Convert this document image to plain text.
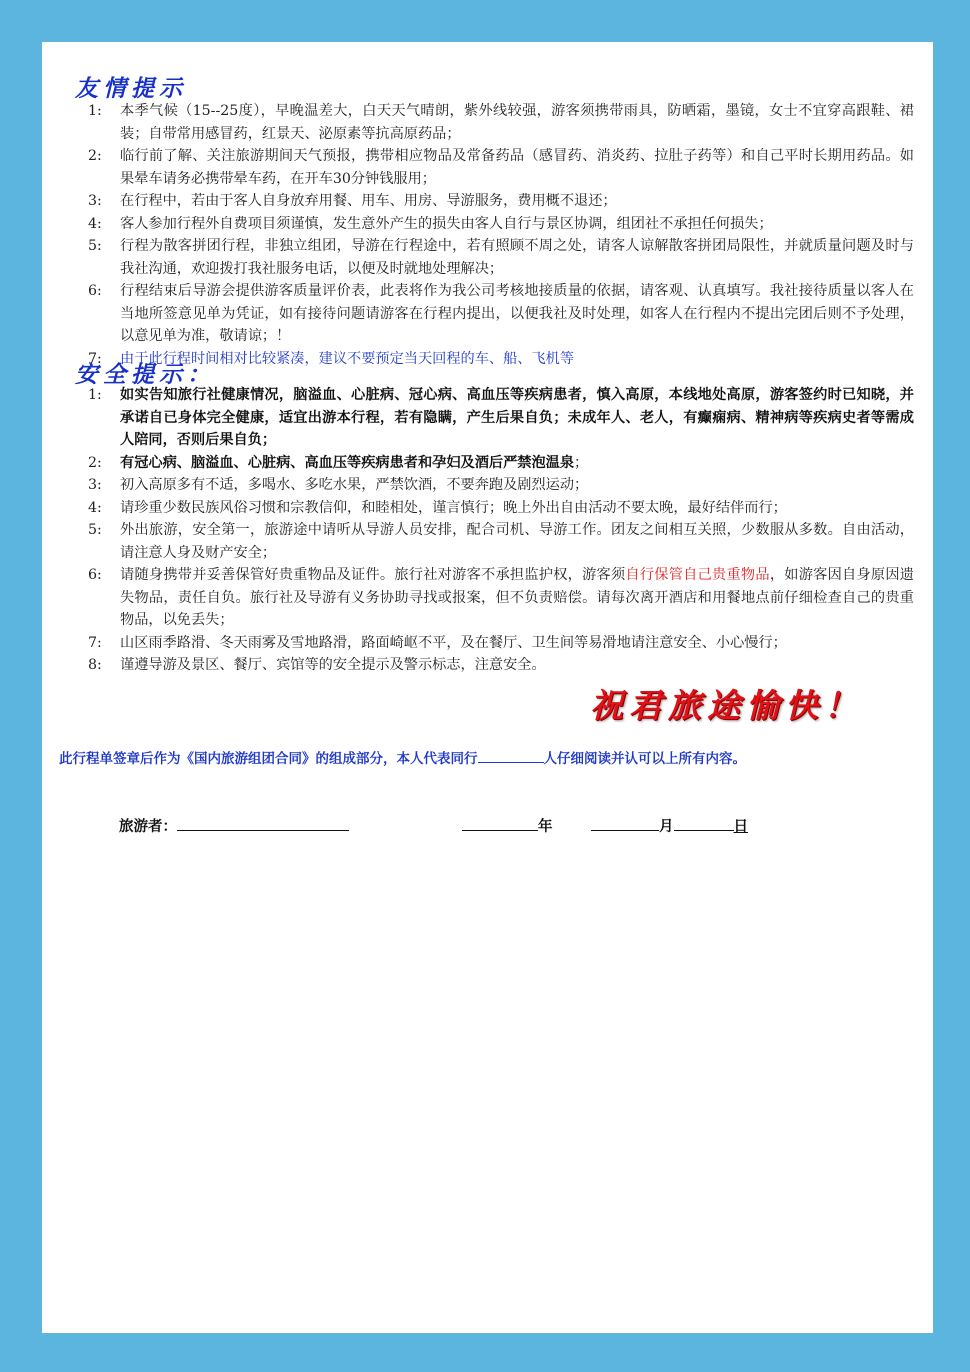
友情提示
1: 本季气候（15--25度），早晚温差大，白天天气晴朗，紫外线较强，游客须携带雨具，防晒霜，墨镜，女士不宜穿高跟鞋、裙装；自带常用感冒药，红景天、泌原素等抗高原药品；
2: 临行前了解、关注旅游期间天气预报，携带相应物品及常备药品（感冒药、消炎药、拉肚子药等）和自己平时长期用药品。如果晕车请务必携带晕车药，在开车30分钟钱服用；
3: 在行程中，若由于客人自身放弃用餐、用车、用房、导游服务，费用概不退还；
4: 客人参加行程外自费项目须谨慎，发生意外产生的损失由客人自行与景区协调，组团社不承担任何损失；
5: 行程为散客拼团行程，非独立组团，导游在行程途中，若有照顾不周之处，请客人谅解散客拼团局限性，并就质量问题及时与我社沟通，欢迎拨打我社服务电话，以便及时就地处理解决；
6: 行程结束后导游会提供游客质量评价表，此表将作为我公司考核地接质量的依据，请客观、认真填写。我社接待质量以客人在当地所签意见单为凭证，如有接待问题请游客在行程内提出，以便我社及时处理，如客人在行程内不提出完团后则不予处理，以意见单为准，敬请谅；！
7: 由于此行程时间相对比较紧凑，建议不要预定当天回程的车、船、飞机等
安全提示：
1: 如实告知旅行社健康情况，脑溢血、心脏病、冠心病、高血压等疾病患者，慎入高原，本线地处高原，游客签约时已知晓，并承诺自已身体完全健康，适宜出游本行程，若有隐瞒，产生后果自负；未成年人、老人，有癫痫病、精神病等疾病史者等需成人陪同，否则后果自负；
2: 有冠心病、脑溢血、心脏病、高血压等疾病患者和孕妇及酒后严禁泡温泉；
3: 初入高原多有不适，多喝水、多吃水果，严禁饮酒，不要奔跑及剧烈运动；
4: 请珍重少数民族风俗习惯和宗教信仰，和睦相处，谨言慎行；晚上外出自由活动不要太晚，最好结伴而行；
5: 外出旅游，安全第一，旅游途中请听从导游人员安排，配合司机、导游工作。团友之间相互关照，少数服从多数。自由活动，请注意人身及财产安全；
6: 请随身携带并妥善保管好贵重物品及证件。旅行社对游客不承担监护权，游客须自行保管自己贵重物品，如游客因自身原因遗失物品，责任自负。旅行社及导游有义务协助寻找或报案，但不负责赔偿。请每次离开酒店和用餐地点前仔细检查自己的贵重物品，以免丢失；
7: 山区雨季路滑、冬天雨雾及雪地路滑，路面崎岖不平，及在餐厅、卫生间等易滑地请注意安全、小心慢行；
8: 谨遵导游及景区、餐厅、宾馆等的安全提示及警示标志，注意安全。
祝君旅途愉快！
此行程单签章后作为《国内旅游组团合同》的组成部分，本人代表同行	人仔细阅读并认可以上所有内容。
旅游者：	年	月	日
